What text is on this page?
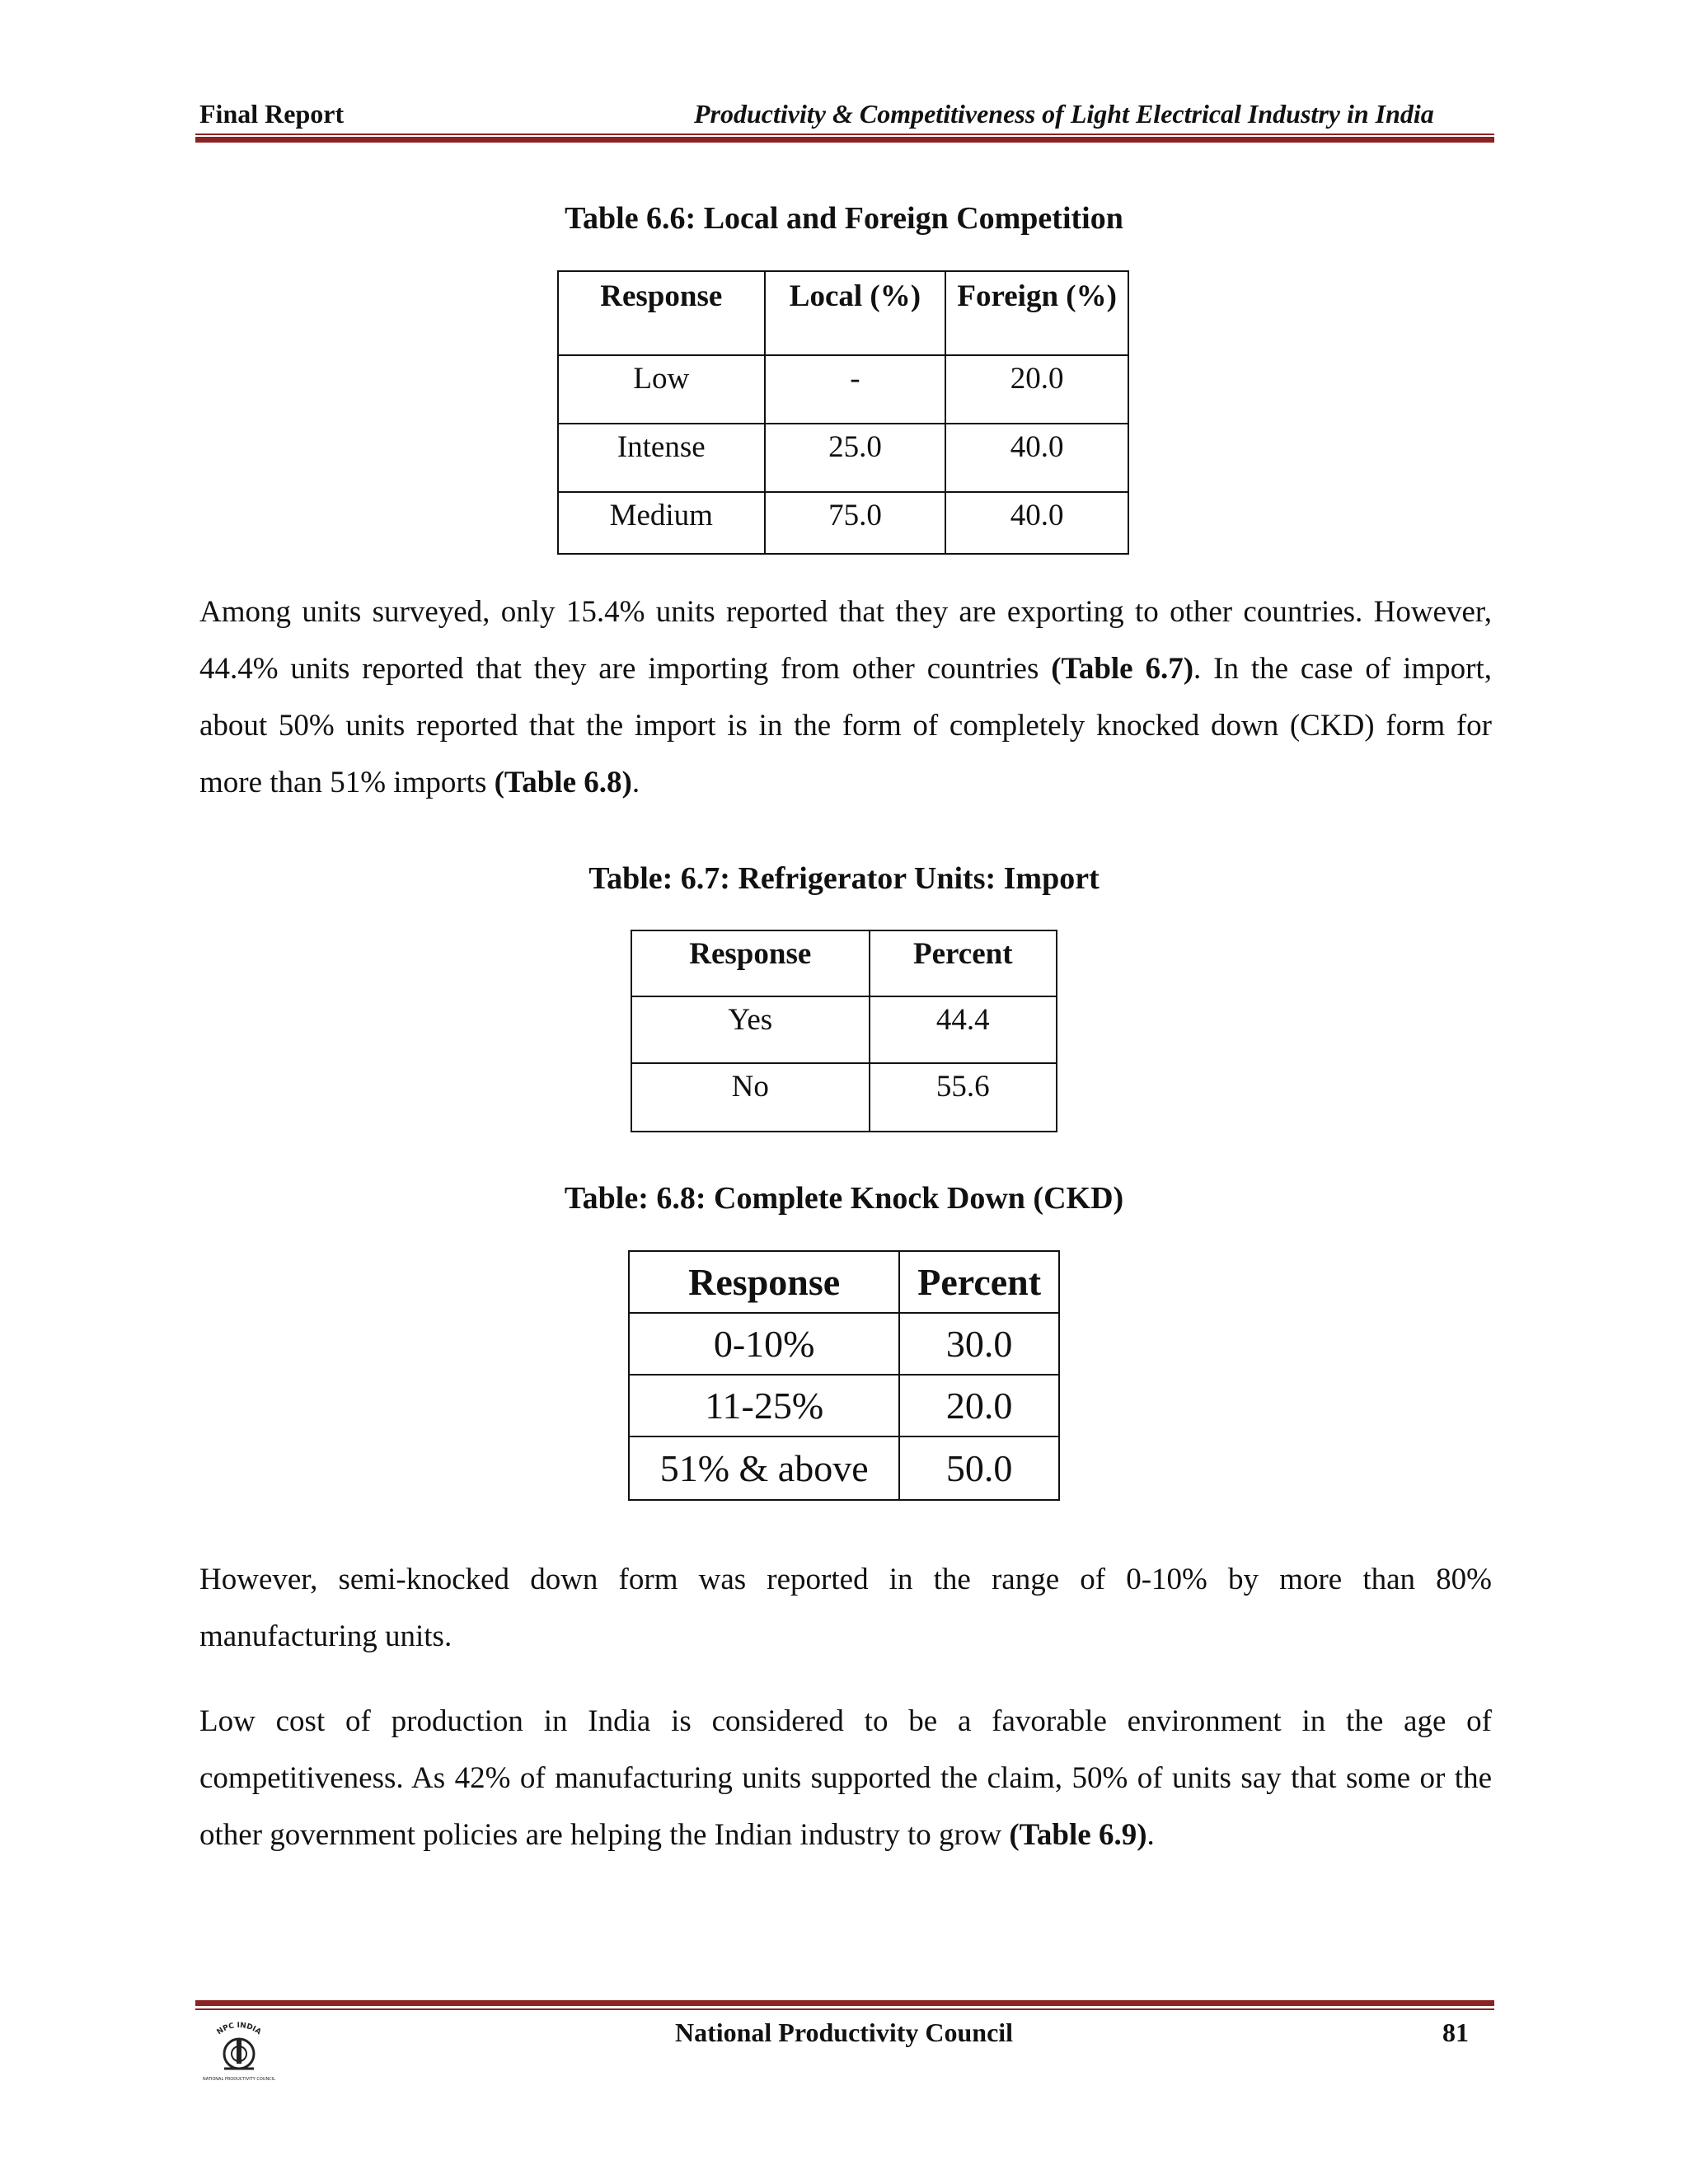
Final Report	Productivity & Competitiveness of Light Electrical Industry in India
Table 6.6: Local and Foreign Competition
Response	Local (%)	Foreign (%)
Low	-	20.0
Intense	25.0	40.0
Medium	75.0	40.0
Among units surveyed, only 15.4% units reported that they are exporting to other countries. However, 44.4% units reported that they are importing from other countries (Table 6.7). In the case of import, about 50% units reported that the import is in the form of completely knocked down (CKD) form for more than 51% imports (Table 6.8).
Table: 6.7: Refrigerator Units: Import
Response	Percent
Yes	44.4
No	55.6
Table: 6.8: Complete Knock Down (CKD)
Response	Percent
0-10%	30.0
11-25%	20.0
51% & above	50.0
However, semi-knocked down form was reported in the range of 0-10% by more than 80% manufacturing units.
Low cost of production in India is considered to be a favorable environment in the age of competitiveness. As 42% of manufacturing units supported the claim, 50% of units say that some or the other government policies are helping the Indian industry to grow (Table 6.9).
National Productivity Council	81
NPC INDIA
NATIONAL PRODUCTIVITY COUNCIL
